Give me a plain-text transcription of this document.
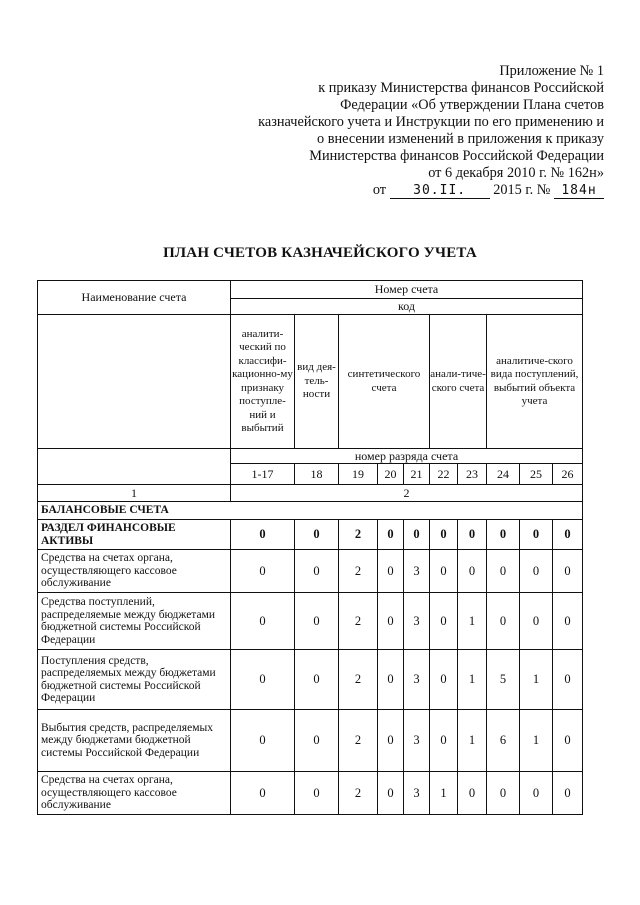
Приложение № 1
к приказу Министерства финансов Российской
Федерации «Об утверждении Плана счетов
казначейского учета и Инструкции по его применению и
о внесении изменений в приложения к приказу
Министерства финансов Российской Федерации
от 6 декабря 2010 г. № 162н»
от 30.II. 2015 г. № 184н
ПЛАН СЧЕТОВ КАЗНАЧЕЙСКОГО УЧЕТА
Наименование счета	Номер счета									
	код									
	аналити-ческий по классифи-кационно-му признаку поступле-ний и выбытий	вид дея-тель-ности	синтетического счета			анали-тиче-ского счета		аналитиче-ского вида поступлений, выбытий объекта учета		
	номер разряда счета									
	1-17	18	19	20	21	22	23	24	25	26
1	2									
БАЛАНСОВЫЕ СЧЕТА										
РАЗДЕЛ ФИНАНСОВЫЕ АКТИВЫ	0	0	2	0	0	0	0	0	0	0
Средства на счетах органа, осуществляющего кассовое обслуживание	0	0	2	0	3	0	0	0	0	0
Средства поступлений, распределяемые между бюджетами бюджетной системы Российской Федерации	0	0	2	0	3	0	1	0	0	0
Поступления средств, распределяемых между бюджетами бюджетной системы Российской Федерации	0	0	2	0	3	0	1	5	1	0
Выбытия средств, распределяемых между бюджетами бюджетной системы Российской Федерации	0	0	2	0	3	0	1	6	1	0
Средства на счетах органа, осуществляющего кассовое обслуживание	0	0	2	0	3	1	0	0	0	0
